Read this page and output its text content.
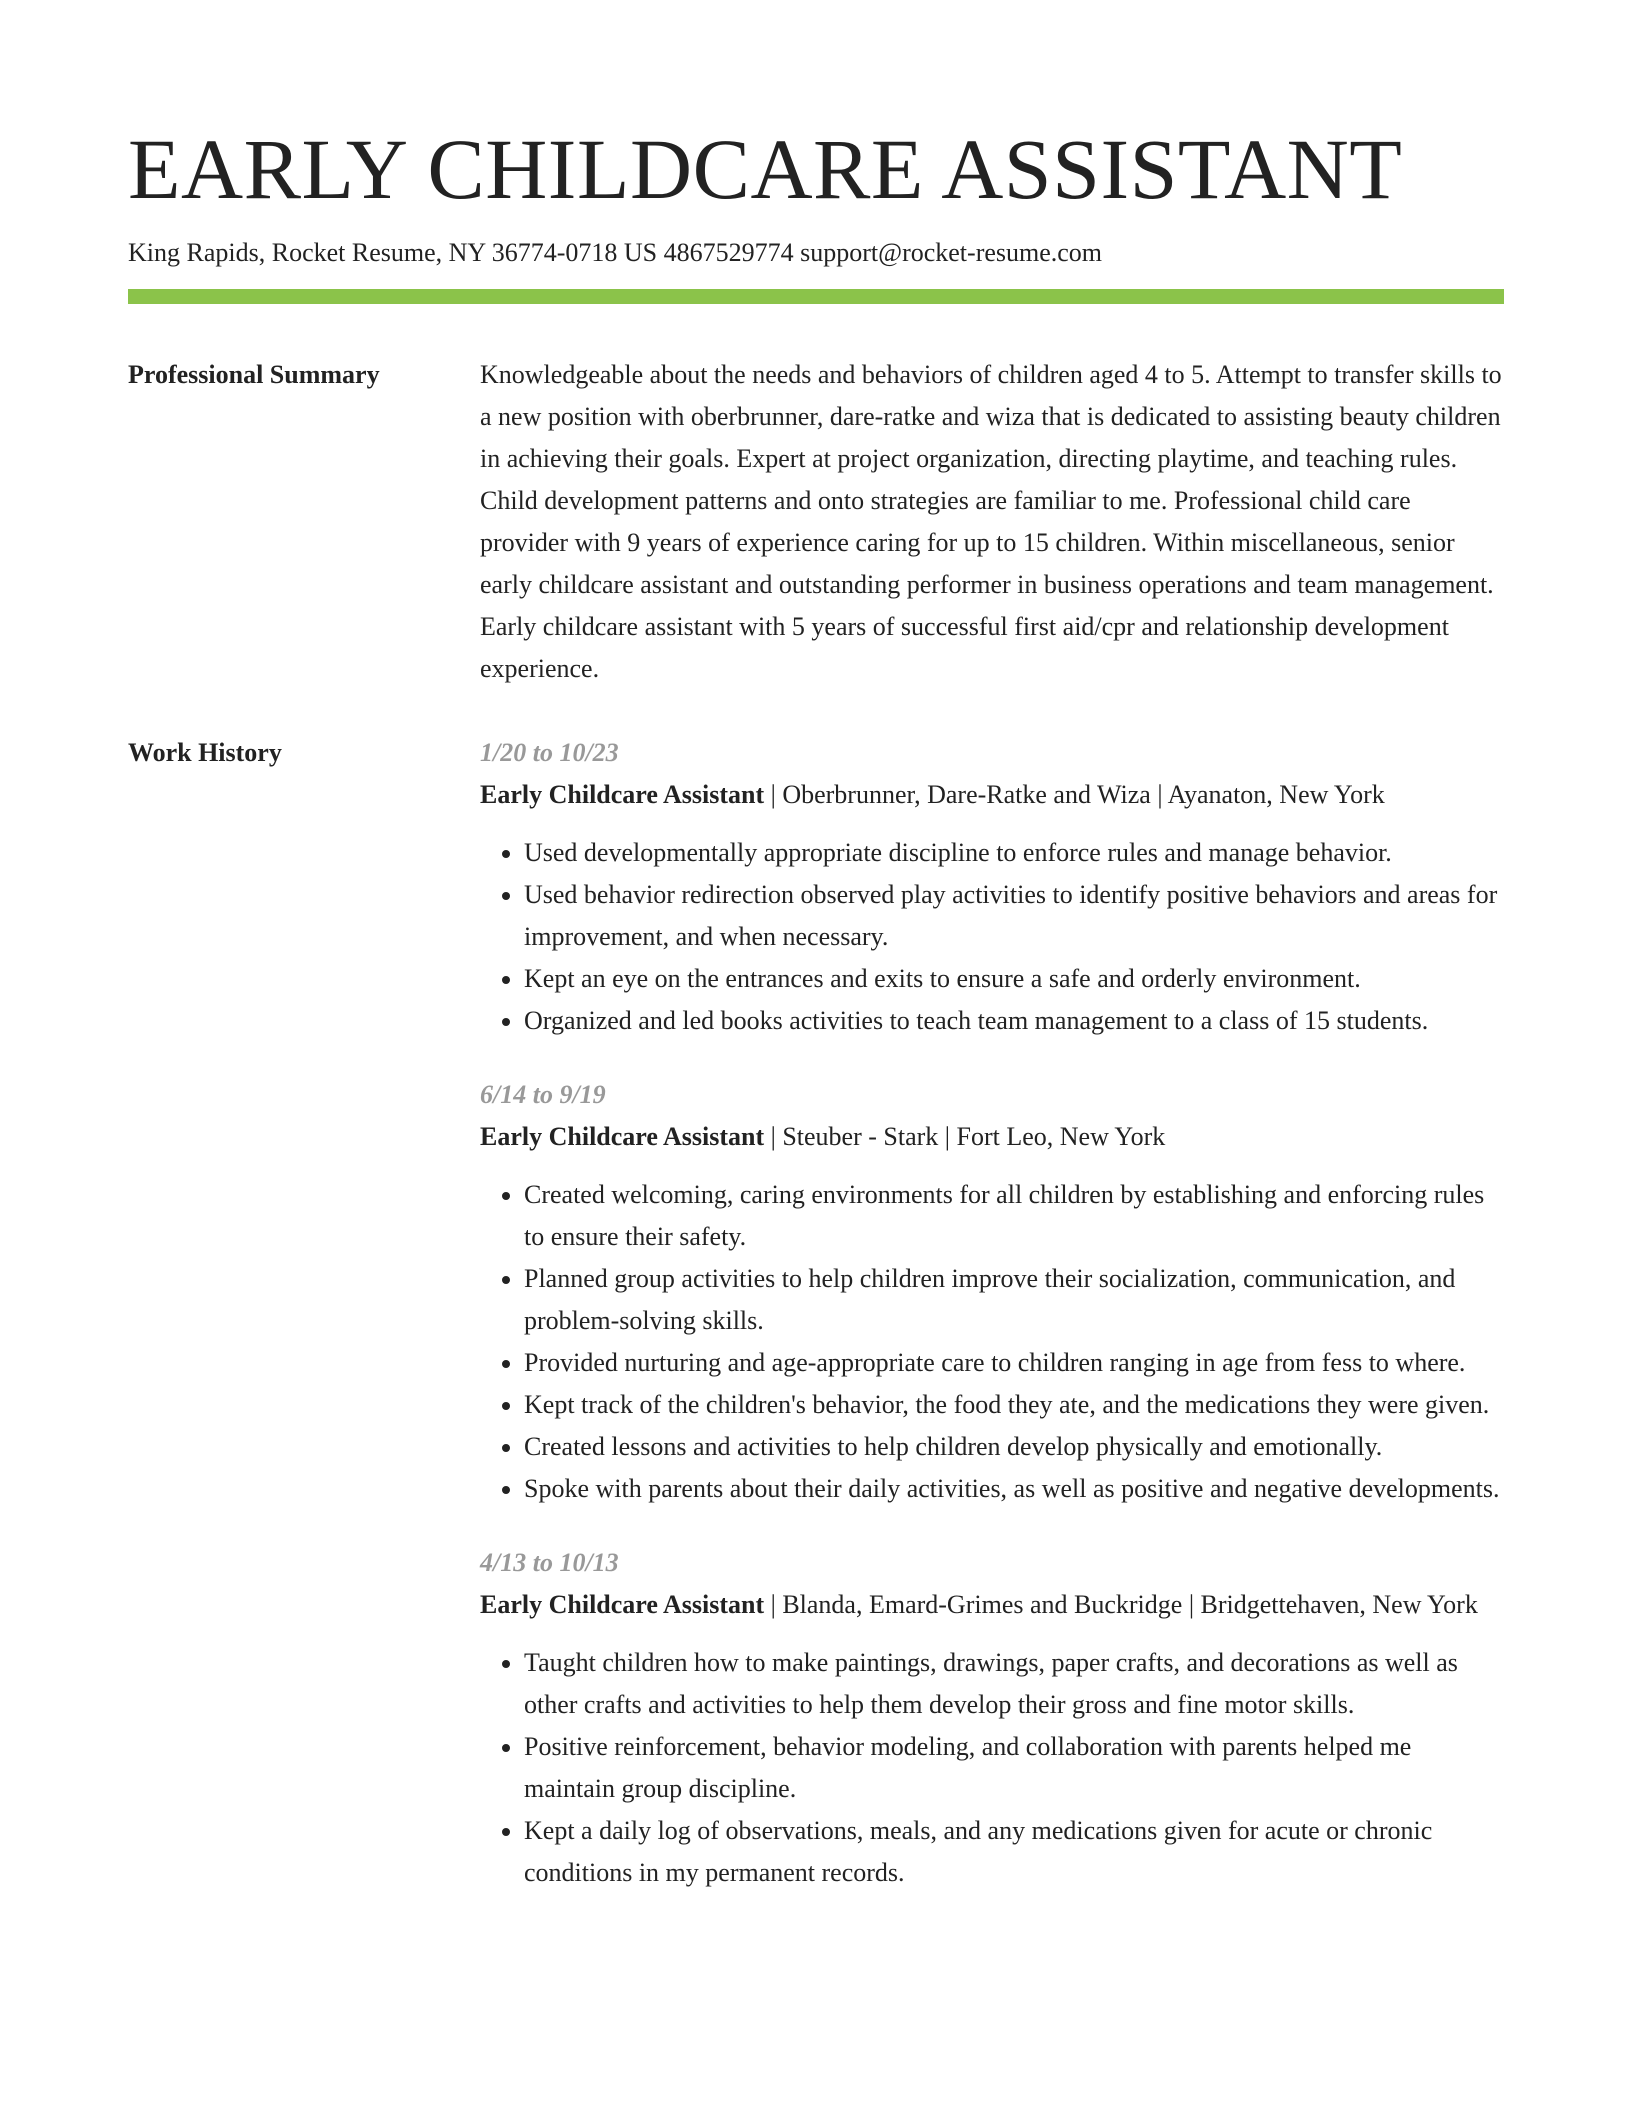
EARLY CHILDCARE ASSISTANT
King Rapids, Rocket Resume, NY 36774-0718 US 4867529774 support@rocket-resume.com
Professional Summary	Knowledgeable about the needs and behaviors of children aged 4 to 5. Attempt to transfer skills to a new position with oberbrunner, dare-ratke and wiza that is dedicated to assisting beauty children in achieving their goals. Expert at project organization, directing playtime, and teaching rules. Child development patterns and onto strategies are familiar to me. Professional child care provider with 9 years of experience caring for up to 15 children. Within miscellaneous, senior early childcare assistant and outstanding performer in business operations and team management. Early childcare assistant with 5 years of successful first aid/cpr and relationship development experience.

Work History	1/20 to 10/23

Early Childcare Assistant | Oberbrunner, Dare-Ratke and Wiza | Ayanaton, New York

• Used developmentally appropriate discipline to enforce rules and manage behavior.
• Used behavior redirection observed play activities to identify positive behaviors and areas for improvement, and when necessary.
• Kept an eye on the entrances and exits to ensure a safe and orderly environment.
• Organized and led books activities to teach team management to a class of 15 students.
6/14 to 9/19

Early Childcare Assistant | Steuber - Stark | Fort Leo, New York

• Created welcoming, caring environments for all children by establishing and enforcing rules to ensure their safety.
• Planned group activities to help children improve their socialization, communication, and problem-solving skills.
• Provided nurturing and age-appropriate care to children ranging in age from fess to where.
• Kept track of the children's behavior, the food they ate, and the medications they were given.
• Created lessons and activities to help children develop physically and emotionally.
• Spoke with parents about their daily activities, as well as positive and negative developments.
4/13 to 10/13

Early Childcare Assistant | Blanda, Emard-Grimes and Buckridge | Bridgettehaven, New York

• Taught children how to make paintings, drawings, paper crafts, and decorations as well as other crafts and activities to help them develop their gross and fine motor skills.
• Positive reinforcement, behavior modeling, and collaboration with parents helped me maintain group discipline.
• Kept a daily log of observations, meals, and any medications given for acute or chronic conditions in my permanent records.
